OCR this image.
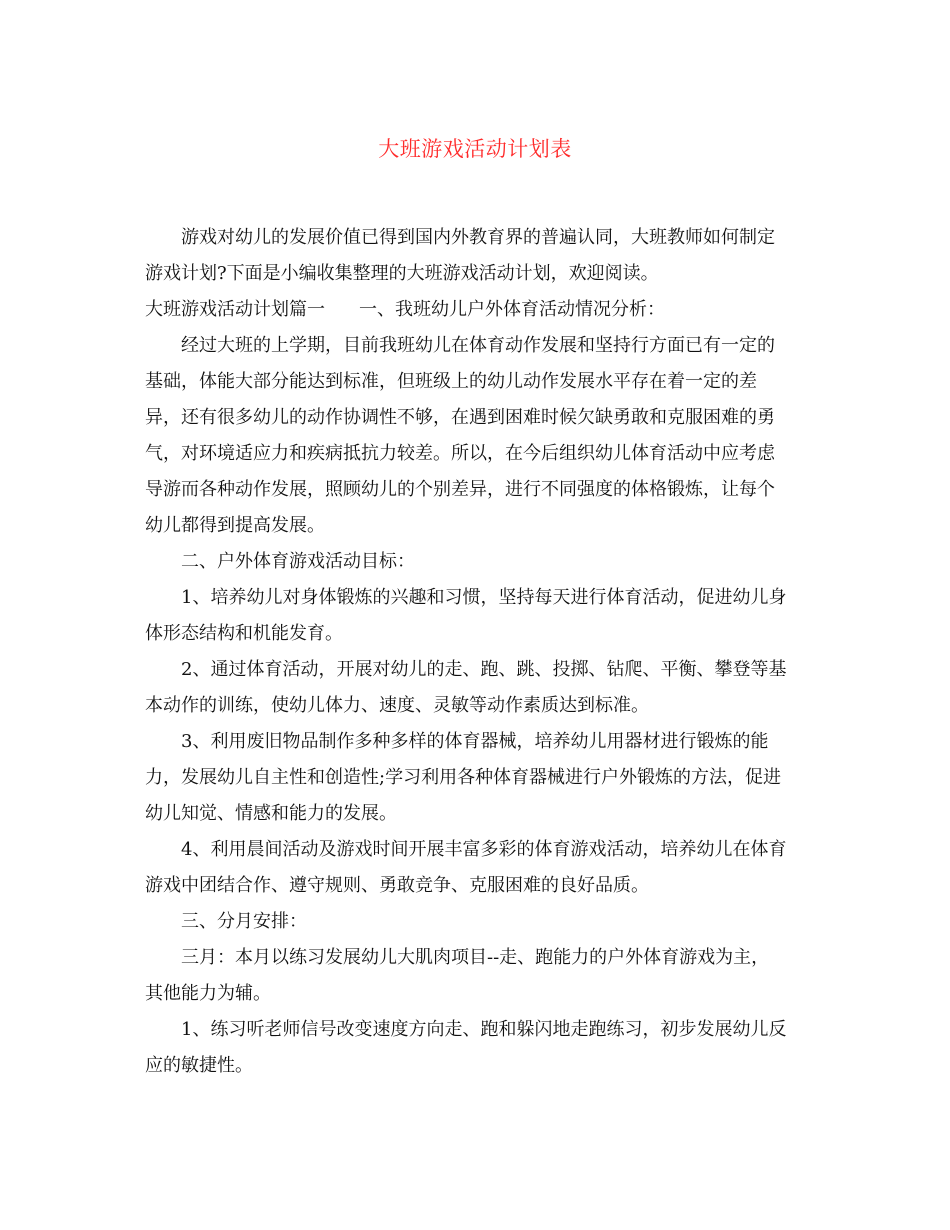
大班游戏活动计划表
游戏对幼儿的发展价值已得到国内外教育界的普遍认同，大班教师如何制定
游戏计划?下面是小编收集整理的大班游戏活动计划，欢迎阅读。
大班游戏活动计划篇一 一、我班幼儿户外体育活动情况分析：
经过大班的上学期，目前我班幼儿在体育动作发展和坚持行方面已有一定的
基础，体能大部分能达到标准，但班级上的幼儿动作发展水平存在着一定的差
异，还有很多幼儿的动作协调性不够，在遇到困难时候欠缺勇敢和克服困难的勇
气，对环境适应力和疾病抵抗力较差。所以，在今后组织幼儿体育活动中应考虑
导游而各种动作发展，照顾幼儿的个别差异，进行不同强度的体格锻炼，让每个
幼儿都得到提高发展。
二、户外体育游戏活动目标：
1、培养幼儿对身体锻炼的兴趣和习惯，坚持每天进行体育活动，促进幼儿身
体形态结构和机能发育。
2、通过体育活动，开展对幼儿的走、跑、跳、投掷、钻爬、平衡、攀登等基
本动作的训练，使幼儿体力、速度、灵敏等动作素质达到标准。
3、利用废旧物品制作多种多样的体育器械，培养幼儿用器材进行锻炼的能
力，发展幼儿自主性和创造性;学习利用各种体育器械进行户外锻炼的方法，促进
幼儿知觉、情感和能力的发展。
4、利用晨间活动及游戏时间开展丰富多彩的体育游戏活动，培养幼儿在体育
游戏中团结合作、遵守规则、勇敢竞争、克服困难的良好品质。
三、分月安排：
三月：本月以练习发展幼儿大肌肉项目--走、跑能力的户外体育游戏为主，
其他能力为辅。
1、练习听老师信号改变速度方向走、跑和躲闪地走跑练习，初步发展幼儿反
应的敏捷性。
